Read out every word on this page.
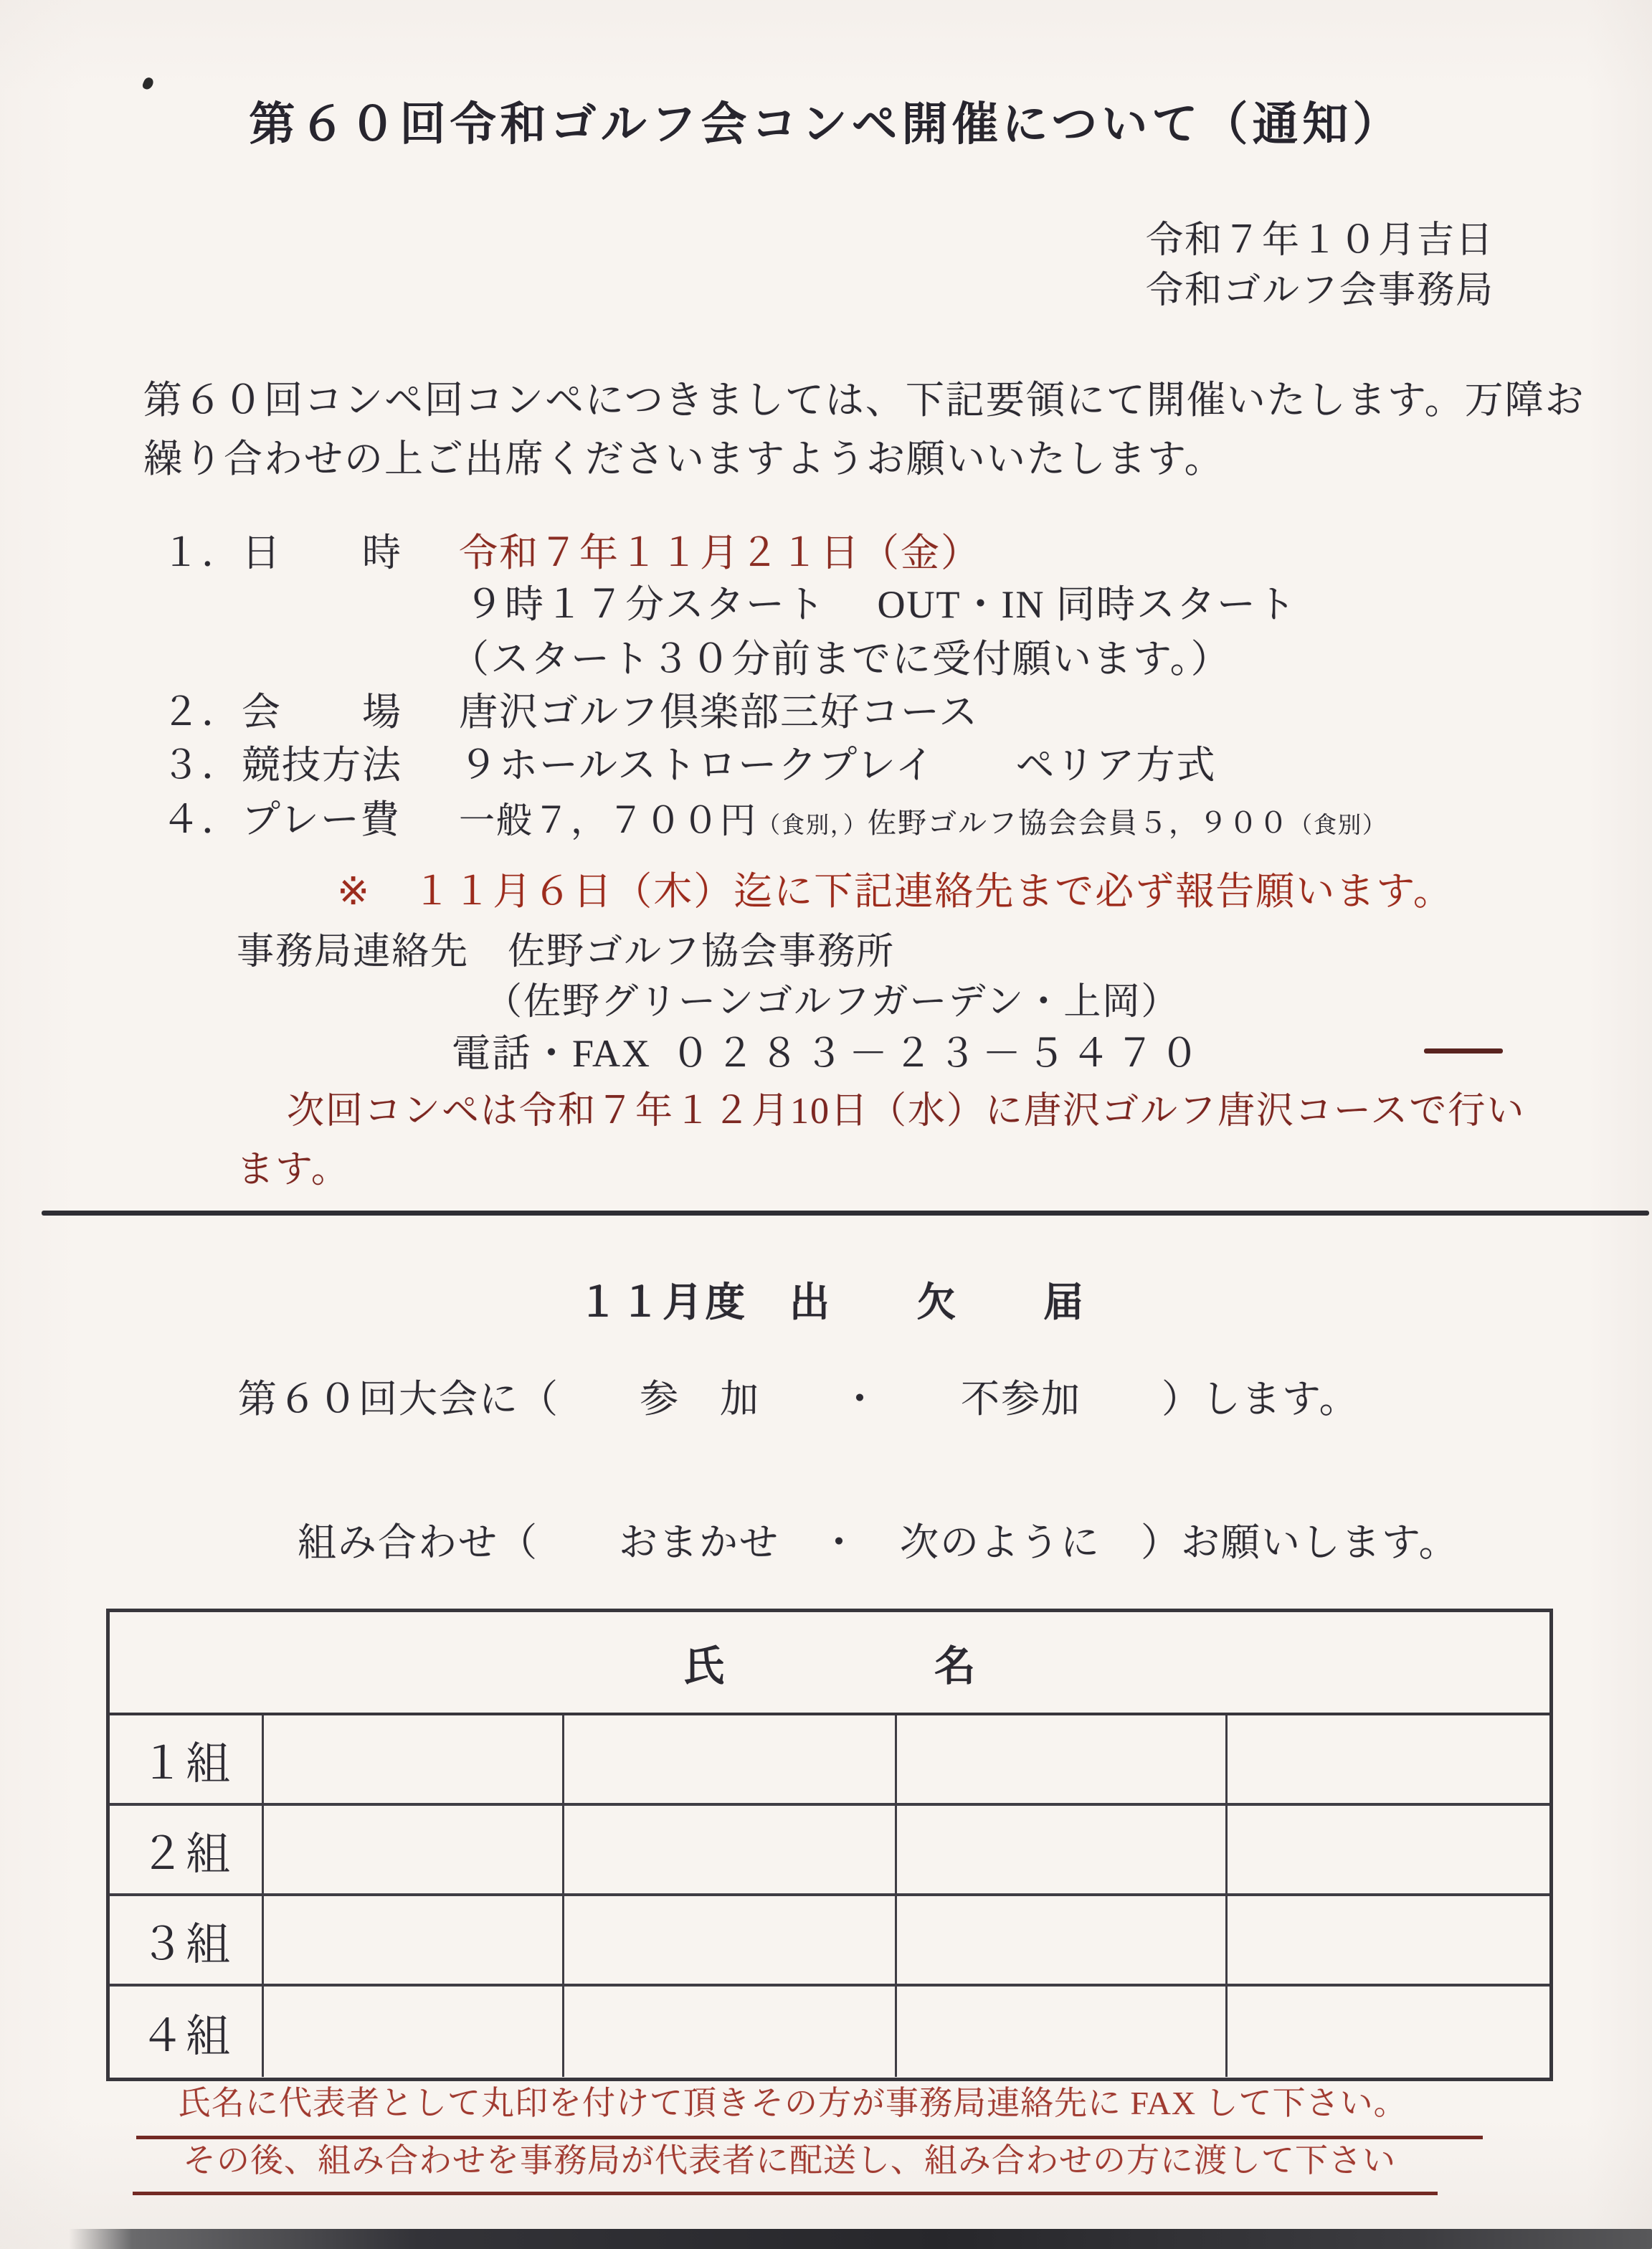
第６０回令和ゴルフ会コンペ開催について（通知）
令和７年１０月吉日
令和ゴルフ会事務局
第６０回コンペ回コンペにつきましては、下記要領にて開催いたします。万障お
繰り合わせの上ご出席くださいますようお願いいたします。
１．日　　時 令和７年１１月２１日（金）
９時１７分スタート　 OUT・IN 同時スタート
（スタート３０分前までに受付願います。）
２．会　　場 唐沢ゴルフ倶楽部三好コース
３．競技方法 ９ホールストロークプレイ　　ペリア方式
４．プレー費 一般７，７００円（食別，）佐野ゴルフ協会会員５，９００（食別）
※ １１月６日（木）迄に下記連絡先まで必ず報告願います。
事務局連絡先　佐野ゴルフ協会事務所
（佐野グリーンゴルフガーデン・上岡）
電話・FAX ０２８３－２３－５４７０
次回コンペは令和７年１２月10日（水）に唐沢ゴルフ唐沢コースで行い
ます。
１１月度　出　　欠　　届
第６０回大会に（　　参　加　　・　　不参加　　）します。
組み合わせ（　　おまかせ　・　次のように　）お願いします。
氏	名
１組
２組
３組
４組
氏名に代表者として丸印を付けて頂きその方が事務局連絡先に FAX して下さい。
その後、組み合わせを事務局が代表者に配送し、組み合わせの方に渡して下さい
